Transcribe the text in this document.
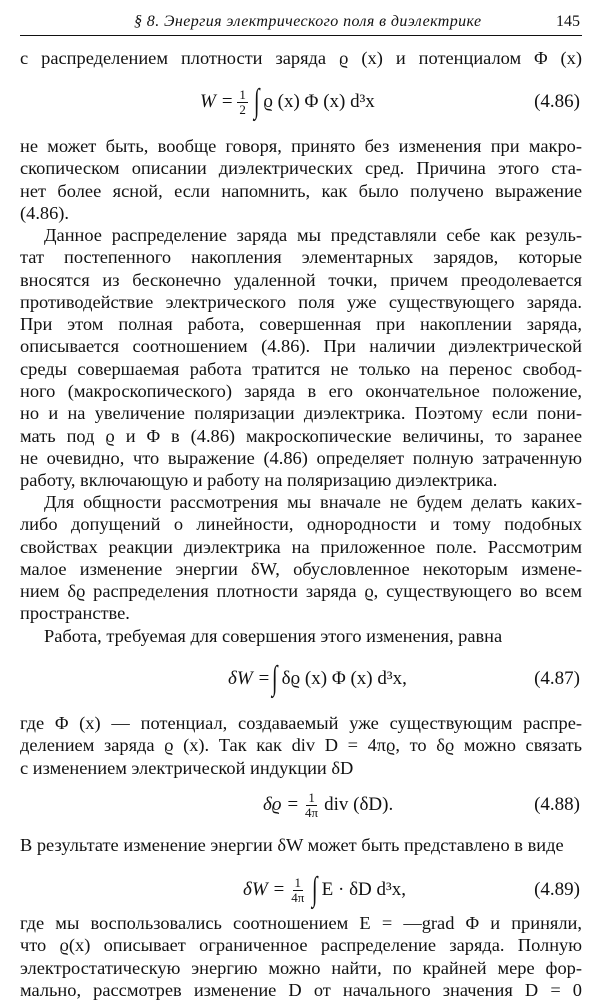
§ 8. Энергия электрического поля в диэлектрике	145
с распределением плотности заряда ϱ (x) и потенциалом Φ (x)
$W = \frac{1}{2}$ ∫ ϱ (x) Φ (x) d³x	(4.86)
не может быть, вообще говоря, принято без изменения при макро-
скопическом описании диэлектрических сред. Причина этого ста-
нет более ясной, если напомнить, как было получено выражение
(4.86).
Данное распределение заряда мы представляли себе как резуль-
тат постепенного накопления элементарных зарядов, которые
вносятся из бесконечно удаленной точки, причем преодолевается
противодействие электрического поля уже существующего заряда.
При этом полная работа, совершенная при накоплении заряда,
описывается соотношением (4.86). При наличии диэлектрической
среды совершаемая работа тратится не только на перенос свобод-
ного (макроскопического) заряда в его окончательное положение,
но и на увеличение поляризации диэлектрика. Поэтому если пони-
мать под ϱ и Φ в (4.86) макроскопические величины, то заранее
не очевидно, что выражение (4.86) определяет полную затраченную
работу, включающую и работу на поляризацию диэлектрика.
Для общности рассмотрения мы вначале не будем делать каких-
либо допущений о линейности, однородности и тому подобных
свойствах реакции диэлектрика на приложенное поле. Рассмотрим
малое изменение энергии δW, обусловленное некоторым измене-
нием δϱ распределения плотности заряда ϱ, существующего во всем
пространстве.
Работа, требуемая для совершения этого изменения, равна
δW = ∫ δϱ (x) Φ (x) d³x,	(4.87)
где Φ (x) — потенциал, создаваемый уже существующим распре-
делением заряда ϱ (x). Так как div D = 4πϱ, то δϱ можно связать
с изменением электрической индукции δD
$\delta ϱ = \frac{1}{4\pi}$ div (δD).	(4.88)
В результате изменение энергии δW может быть представлено в виде
$\delta W = \frac{1}{4\pi}$ ∫ E · δD d³x,	(4.89)
где мы воспользовались соотношением E = —grad Φ и приняли,
что ϱ(x) описывает ограниченное распределение заряда. Полную
электростатическую энергию можно найти, по крайней мере фор-
мально, рассмотрев изменение D от начального значения D = 0
